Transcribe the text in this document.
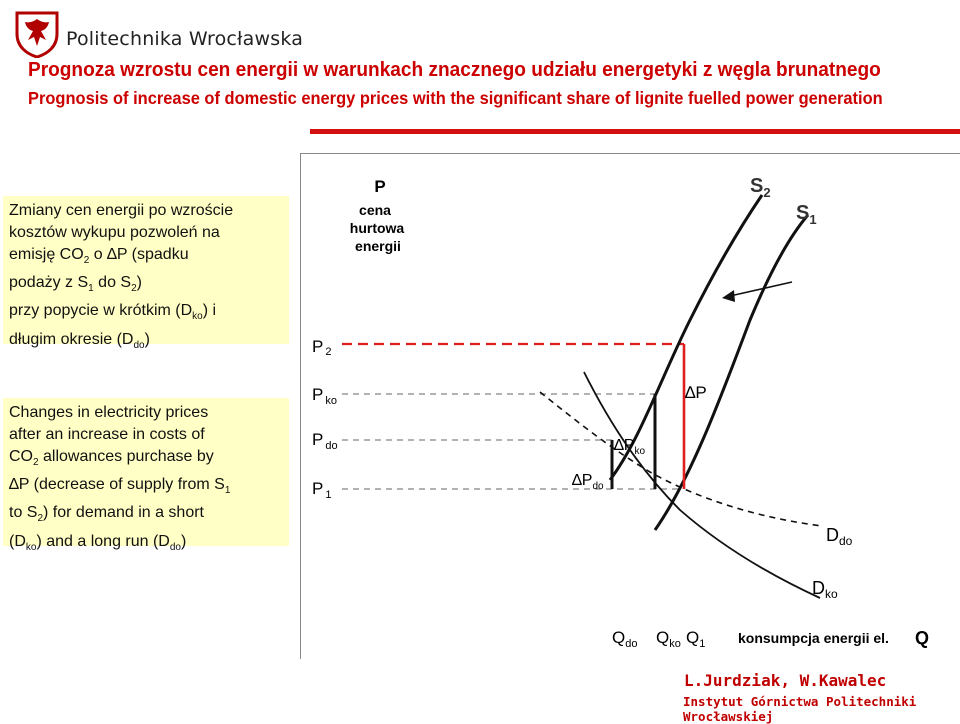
Politechnika Wrocławska
Prognoza wzrostu cen energii w warunkach znacznego udziału energetyki z węgla brunatnego
Prognosis of increase of domestic energy prices with the significant share of lignite fuelled power generation
Zmiany cen energii po wzroście
kosztów wykupu pozwoleń na
emisję $CO_2$ o ∆P (spadku
podaży z $S_1$ do $S_2$)
przy popycie w krótkim $(D_{ko})$ i
długim okresie $(D_{do})$
Changes in electricity prices
after an increase in costs of
$CO_2$ allowances purchase by
∆P (decrease of supply from $S_1$
to $S_2$) for demand in a short
$(D_{ko})$ and a long run $(D_{do})$
P
cena
hurtowa
energii
P 2
P $_{ko}$
P $_{do}$
P $_1$
$S_2$
$S_1$
∆P
$\Delta P_{ko}$
$\Delta P_{do}$
$D_{do}$
$D_{ko}$
$Q_{do}$ $Q_{ko}$ $Q_1$ konsumpcja energii el. Q
L.Jurdziak, W.Kawalec
Instytut Górnictwa Politechniki Wrocławskiej
